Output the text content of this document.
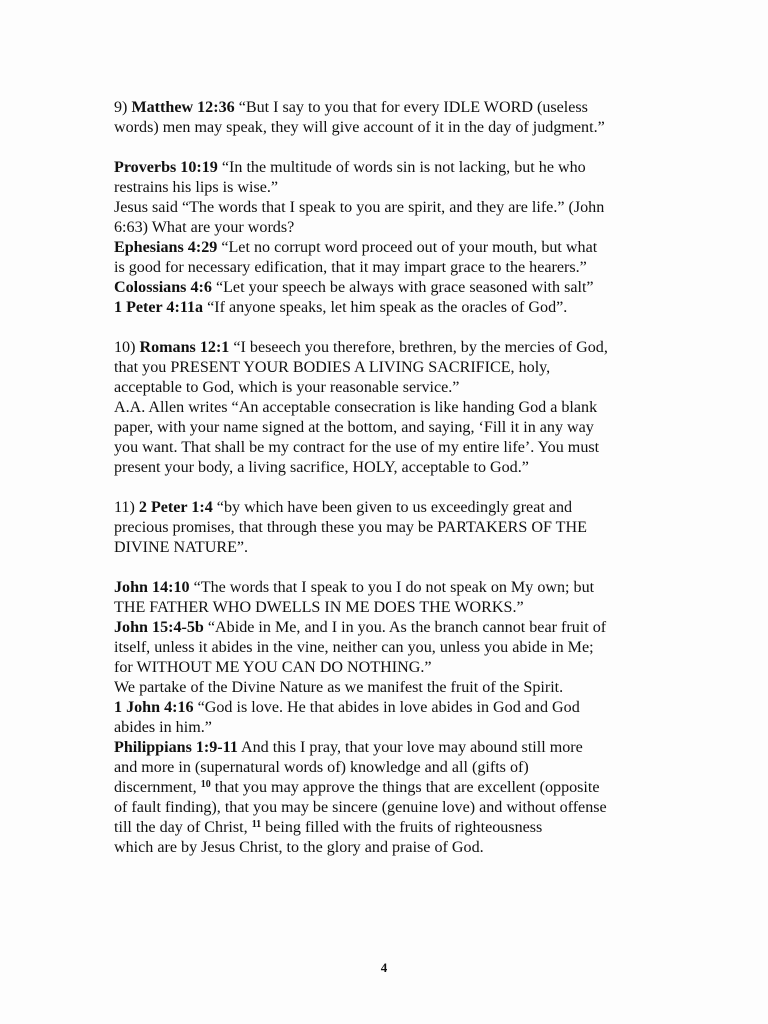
9) Matthew 12:36 “But I say to you that for every IDLE WORD (useless
words) men may speak, they will give account of it in the day of judgment.”
Proverbs 10:19 “In the multitude of words sin is not lacking, but he who
restrains his lips is wise.”
Jesus said “The words that I speak to you are spirit, and they are life.” (John
6:63) What are your words?
Ephesians 4:29 “Let no corrupt word proceed out of your mouth, but what
is good for necessary edification, that it may impart grace to the hearers.”
Colossians 4:6 “Let your speech be always with grace seasoned with salt”
1 Peter 4:11a “If anyone speaks, let him speak as the oracles of God”.
10) Romans 12:1 “I beseech you therefore, brethren, by the mercies of God,
that you PRESENT YOUR BODIES A LIVING SACRIFICE, holy,
acceptable to God, which is your reasonable service.”
A.A. Allen writes “An acceptable consecration is like handing God a blank
paper, with your name signed at the bottom, and saying, ‘Fill it in any way
you want. That shall be my contract for the use of my entire life’. You must
present your body, a living sacrifice, HOLY, acceptable to God.”
11) 2 Peter 1:4 “by which have been given to us exceedingly great and
precious promises, that through these you may be PARTAKERS OF THE
DIVINE NATURE”.
John 14:10 “The words that I speak to you I do not speak on My own; but
THE FATHER WHO DWELLS IN ME DOES THE WORKS.”
John 15:4-5b “Abide in Me, and I in you. As the branch cannot bear fruit of
itself, unless it abides in the vine, neither can you, unless you abide in Me;
for WITHOUT ME YOU CAN DO NOTHING.”
We partake of the Divine Nature as we manifest the fruit of the Spirit.
1 John 4:16 “God is love. He that abides in love abides in God and God
abides in him.”
Philippians 1:9-11 And this I pray, that your love may abound still more
and more in (supernatural words of) knowledge and all (gifts of)
discernment, $^{10}$ that you may approve the things that are excellent (opposite
of fault finding), that you may be sincere (genuine love) and without offense
till the day of Christ, $^{11}$ being filled with the fruits of righteousness
which are by Jesus Christ, to the glory and praise of God.
4
